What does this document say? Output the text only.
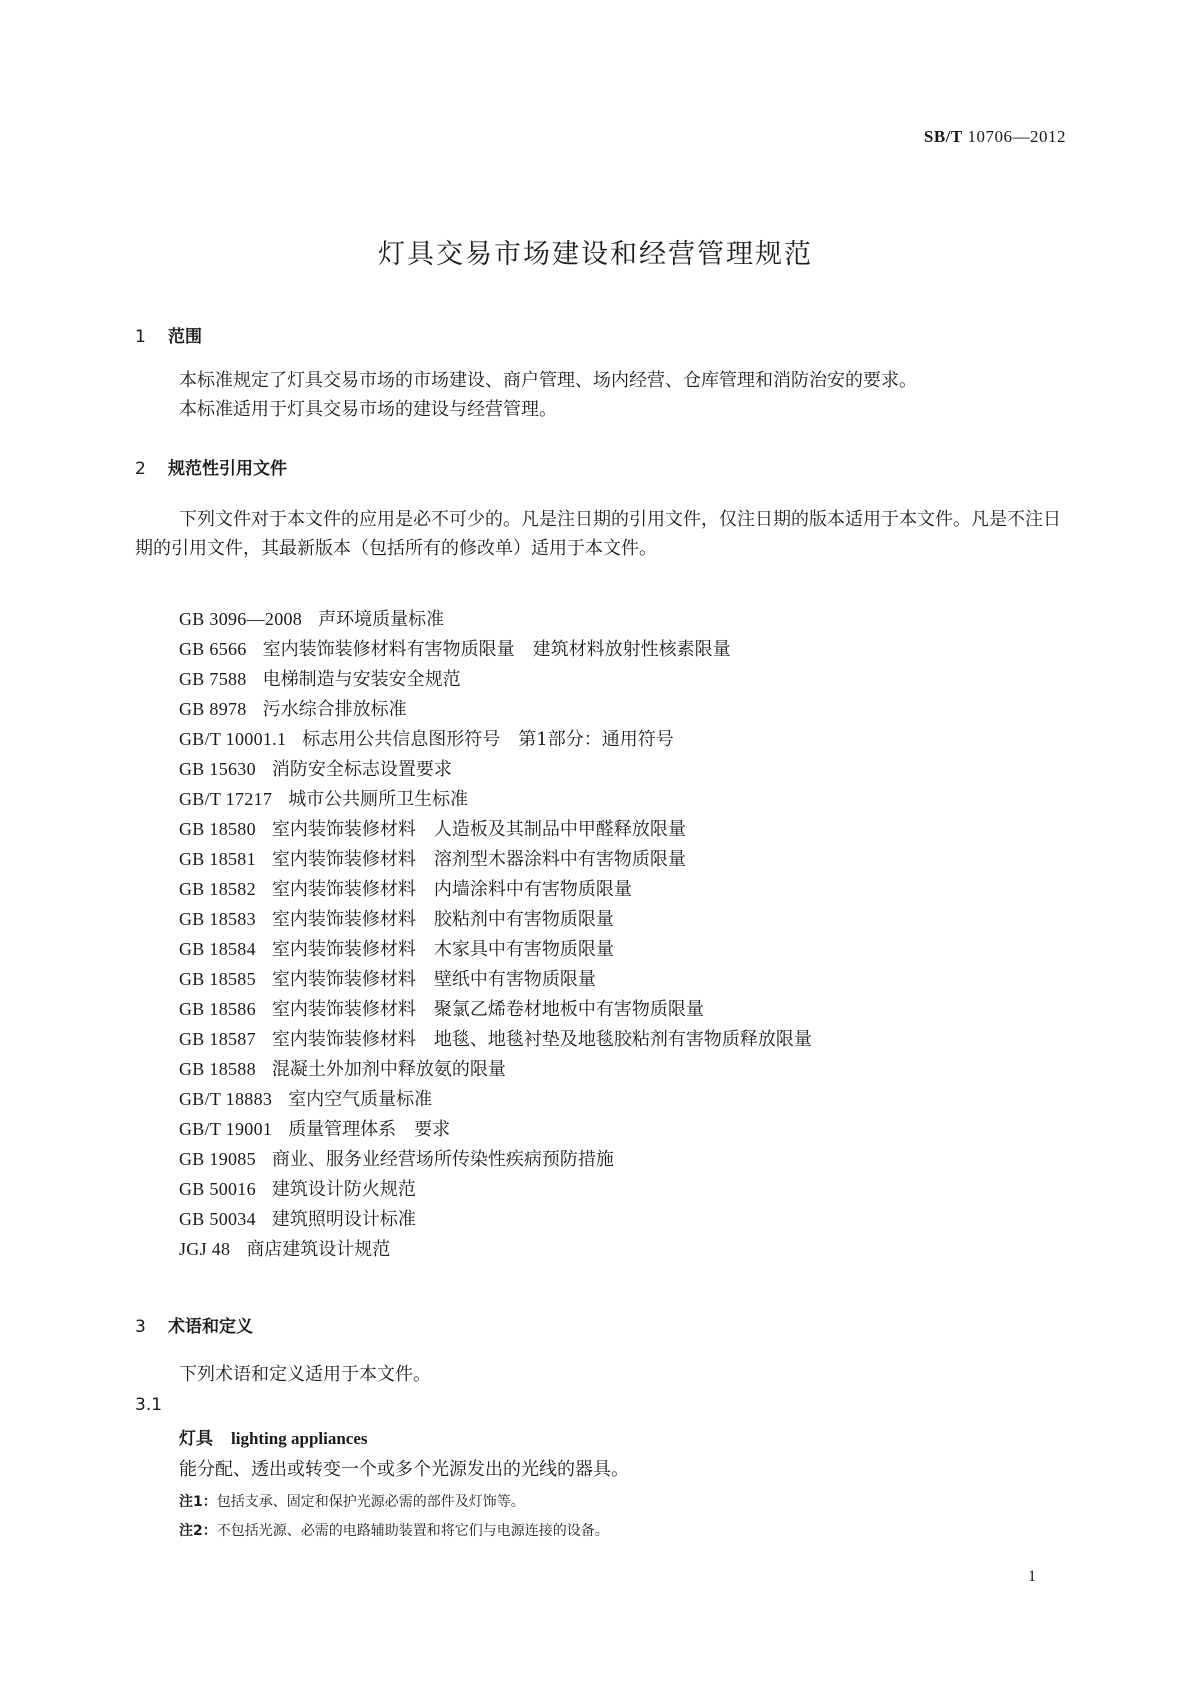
SB/T 10706—2012
灯具交易市场建设和经营管理规范
1 范围
本标准规定了灯具交易市场的市场建设、商户管理、场内经营、仓库管理和消防治安的要求。
本标准适用于灯具交易市场的建设与经营管理。
2 规范性引用文件
下列文件对于本文件的应用是必不可少的。凡是注日期的引用文件，仅注日期的版本适用于本文件。凡是不注日期的引用文件，其最新版本（包括所有的修改单）适用于本文件。
GB 3096—2008 声环境质量标准
GB 6566 室内装饰装修材料有害物质限量　建筑材料放射性核素限量
GB 7588 电梯制造与安装安全规范
GB 8978 污水综合排放标准
GB/T 10001.1 标志用公共信息图形符号　第1部分：通用符号
GB 15630 消防安全标志设置要求
GB/T 17217 城市公共厕所卫生标准
GB 18580 室内装饰装修材料　人造板及其制品中甲醛释放限量
GB 18581 室内装饰装修材料　溶剂型木器涂料中有害物质限量
GB 18582 室内装饰装修材料　内墙涂料中有害物质限量
GB 18583 室内装饰装修材料　胶粘剂中有害物质限量
GB 18584 室内装饰装修材料　木家具中有害物质限量
GB 18585 室内装饰装修材料　壁纸中有害物质限量
GB 18586 室内装饰装修材料　聚氯乙烯卷材地板中有害物质限量
GB 18587 室内装饰装修材料　地毯、地毯衬垫及地毯胶粘剂有害物质释放限量
GB 18588 混凝土外加剂中释放氨的限量
GB/T 18883 室内空气质量标准
GB/T 19001 质量管理体系　要求
GB 19085 商业、服务业经营场所传染性疾病预防措施
GB 50016 建筑设计防火规范
GB 50034 建筑照明设计标准
JGJ 48 商店建筑设计规范
3 术语和定义
下列术语和定义适用于本文件。
3.1
灯具 lighting appliances
能分配、透出或转变一个或多个光源发出的光线的器具。
注1：包括支承、固定和保护光源必需的部件及灯饰等。
注2：不包括光源、必需的电路辅助装置和将它们与电源连接的设备。
1
